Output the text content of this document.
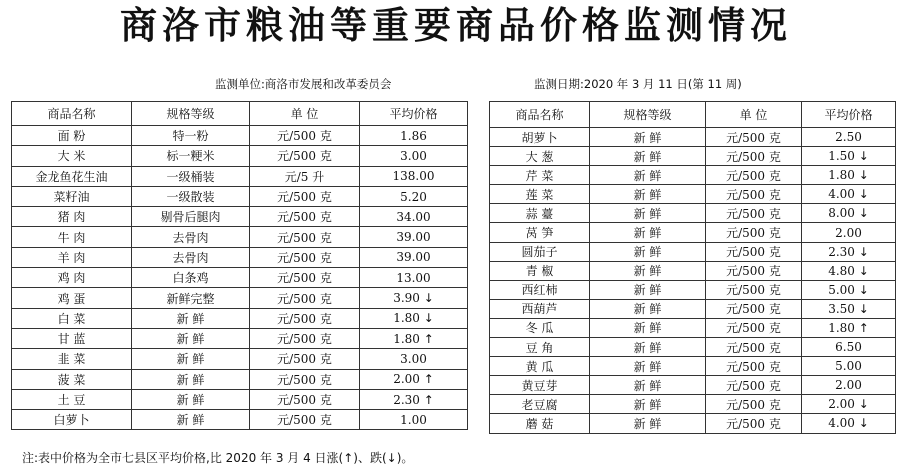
商洛市粮油等重要商品价格监测情况
监测单位:商洛市发展和改革委员会	监测日期:2020 年 3 月 11 日(第 11 周)
商品名称	规格等级	单 位	平均价格
面 粉	特一粉	元/500 克	1.86
大 米	标一粳米	元/500 克	3.00
金龙鱼花生油	一级桶装	元/5 升	138.00
菜籽油	一级散装	元/500 克	5.20
猪 肉	剔骨后腿肉	元/500 克	34.00
牛 肉	去骨肉	元/500 克	39.00
羊 肉	去骨肉	元/500 克	39.00
鸡 肉	白条鸡	元/500 克	13.00
鸡 蛋	新鲜完整	元/500 克	3.90 ↓
白 菜	新 鲜	元/500 克	1.80 ↓
甘 蓝	新 鲜	元/500 克	1.80 ↑
韭 菜	新 鲜	元/500 克	3.00
菠 菜	新 鲜	元/500 克	2.00 ↑
土 豆	新 鲜	元/500 克	2.30 ↑
白萝卜	新 鲜	元/500 克	1.00
商品名称	规格等级	单 位	平均价格
胡萝卜	新 鲜	元/500 克	2.50
大 葱	新 鲜	元/500 克	1.50 ↓
芹 菜	新 鲜	元/500 克	1.80 ↓
莲 菜	新 鲜	元/500 克	4.00 ↓
蒜 薹	新 鲜	元/500 克	8.00 ↓
莴 笋	新 鲜	元/500 克	2.00
圆茄子	新 鲜	元/500 克	2.30 ↓
青 椒	新 鲜	元/500 克	4.80 ↓
西红柿	新 鲜	元/500 克	5.00 ↓
西葫芦	新 鲜	元/500 克	3.50 ↓
冬 瓜	新 鲜	元/500 克	1.80 ↑
豆 角	新 鲜	元/500 克	6.50
黄 瓜	新 鲜	元/500 克	5.00
黄豆芽	新 鲜	元/500 克	2.00
老豆腐	新 鲜	元/500 克	2.00 ↓
蘑 菇	新 鲜	元/500 克	4.00 ↓
注:表中价格为全市七县区平均价格,比 2020 年 3 月 4 日涨(↑)、跌(↓)。
